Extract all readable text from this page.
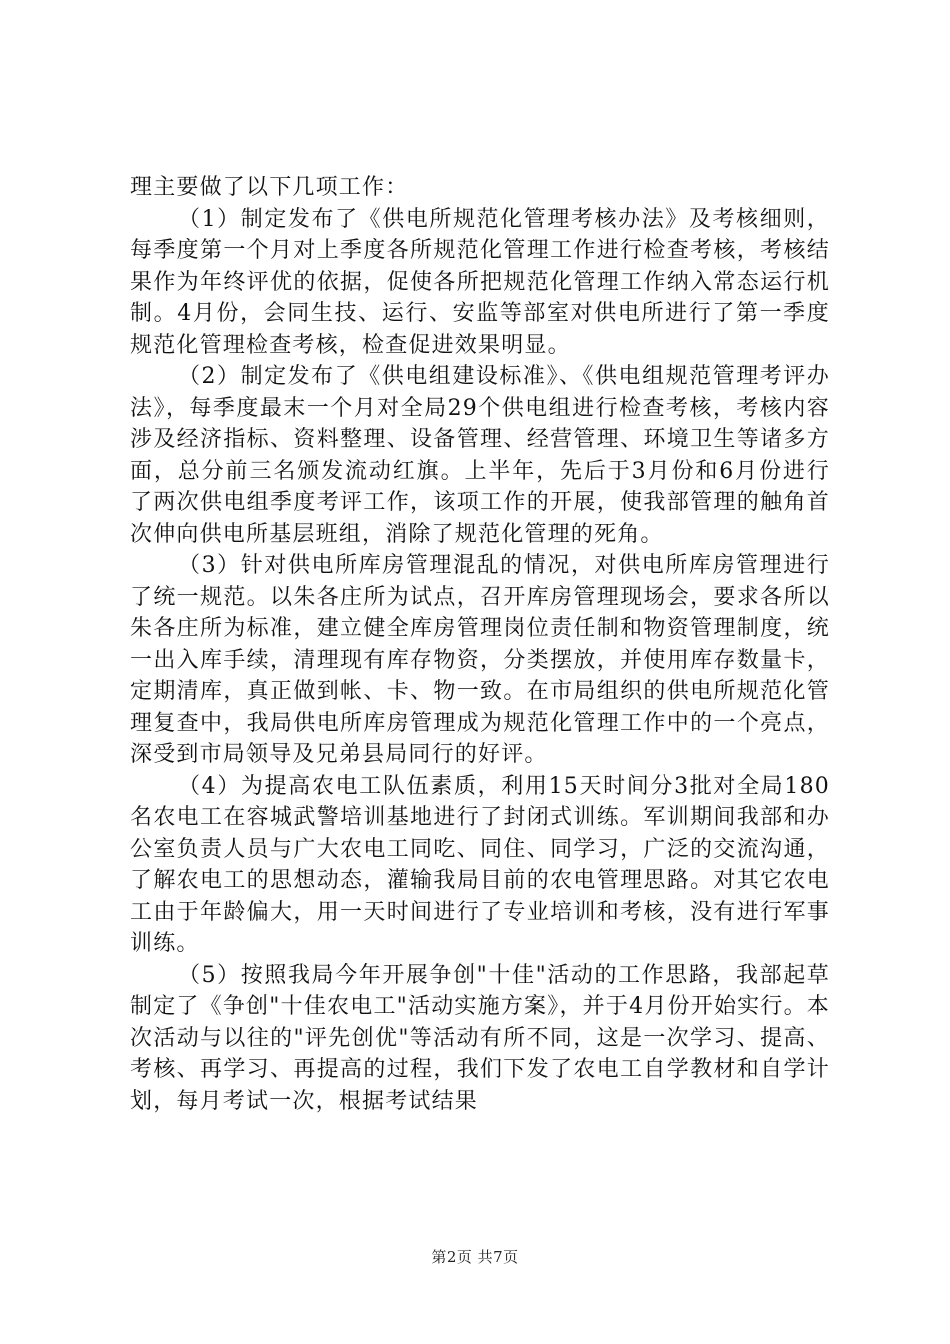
理主要做了以下几项工作：

（1）制定发布了《供电所规范化管理考核办法》及考核细则，每季度第一个月对上季度各所规范化管理工作进行检查考核，考核结果作为年终评优的依据，促使各所把规范化管理工作纳入常态运行机制。4月份，会同生技、运行、安监等部室对供电所进行了第一季度规范化管理检查考核，检查促进效果明显。

（2）制定发布了《供电组建设标准》、《供电组规范管理考评办法》，每季度最末一个月对全局29个供电组进行检查考核，考核内容涉及经济指标、资料整理、设备管理、经营管理、环境卫生等诸多方面，总分前三名颁发流动红旗。上半年，先后于3月份和6月份进行了两次供电组季度考评工作，该项工作的开展，使我部管理的触角首次伸向供电所基层班组，消除了规范化管理的死角。

（3）针对供电所库房管理混乱的情况，对供电所库房管理进行了统一规范。以朱各庄所为试点，召开库房管理现场会，要求各所以朱各庄所为标准，建立健全库房管理岗位责任制和物资管理制度，统一出入库手续，清理现有库存物资，分类摆放，并使用库存数量卡，定期清库，真正做到帐、卡、物一致。在市局组织的供电所规范化管理复查中，我局供电所库房管理成为规范化管理工作中的一个亮点，深受到市局领导及兄弟县局同行的好评。

（4）为提高农电工队伍素质，利用15天时间分3批对全局180名农电工在容城武警培训基地进行了封闭式训练。军训期间我部和办公室负责人员与广大农电工同吃、同住、同学习，广泛的交流沟通，了解农电工的思想动态，灌输我局目前的农电管理思路。对其它农电工由于年龄偏大，用一天时间进行了专业培训和考核，没有进行军事训练。

（5）按照我局今年开展争创"十佳"活动的工作思路，我部起草制定了《争创"十佳农电工"活动实施方案》，并于4月份开始实行。本次活动与以往的"评先创优"等活动有所不同，这是一次学习、提高、考核、再学习、再提高的过程，我们下发了农电工自学教材和自学计划，每月考试一次，根据考试结果

第2页 共7页
